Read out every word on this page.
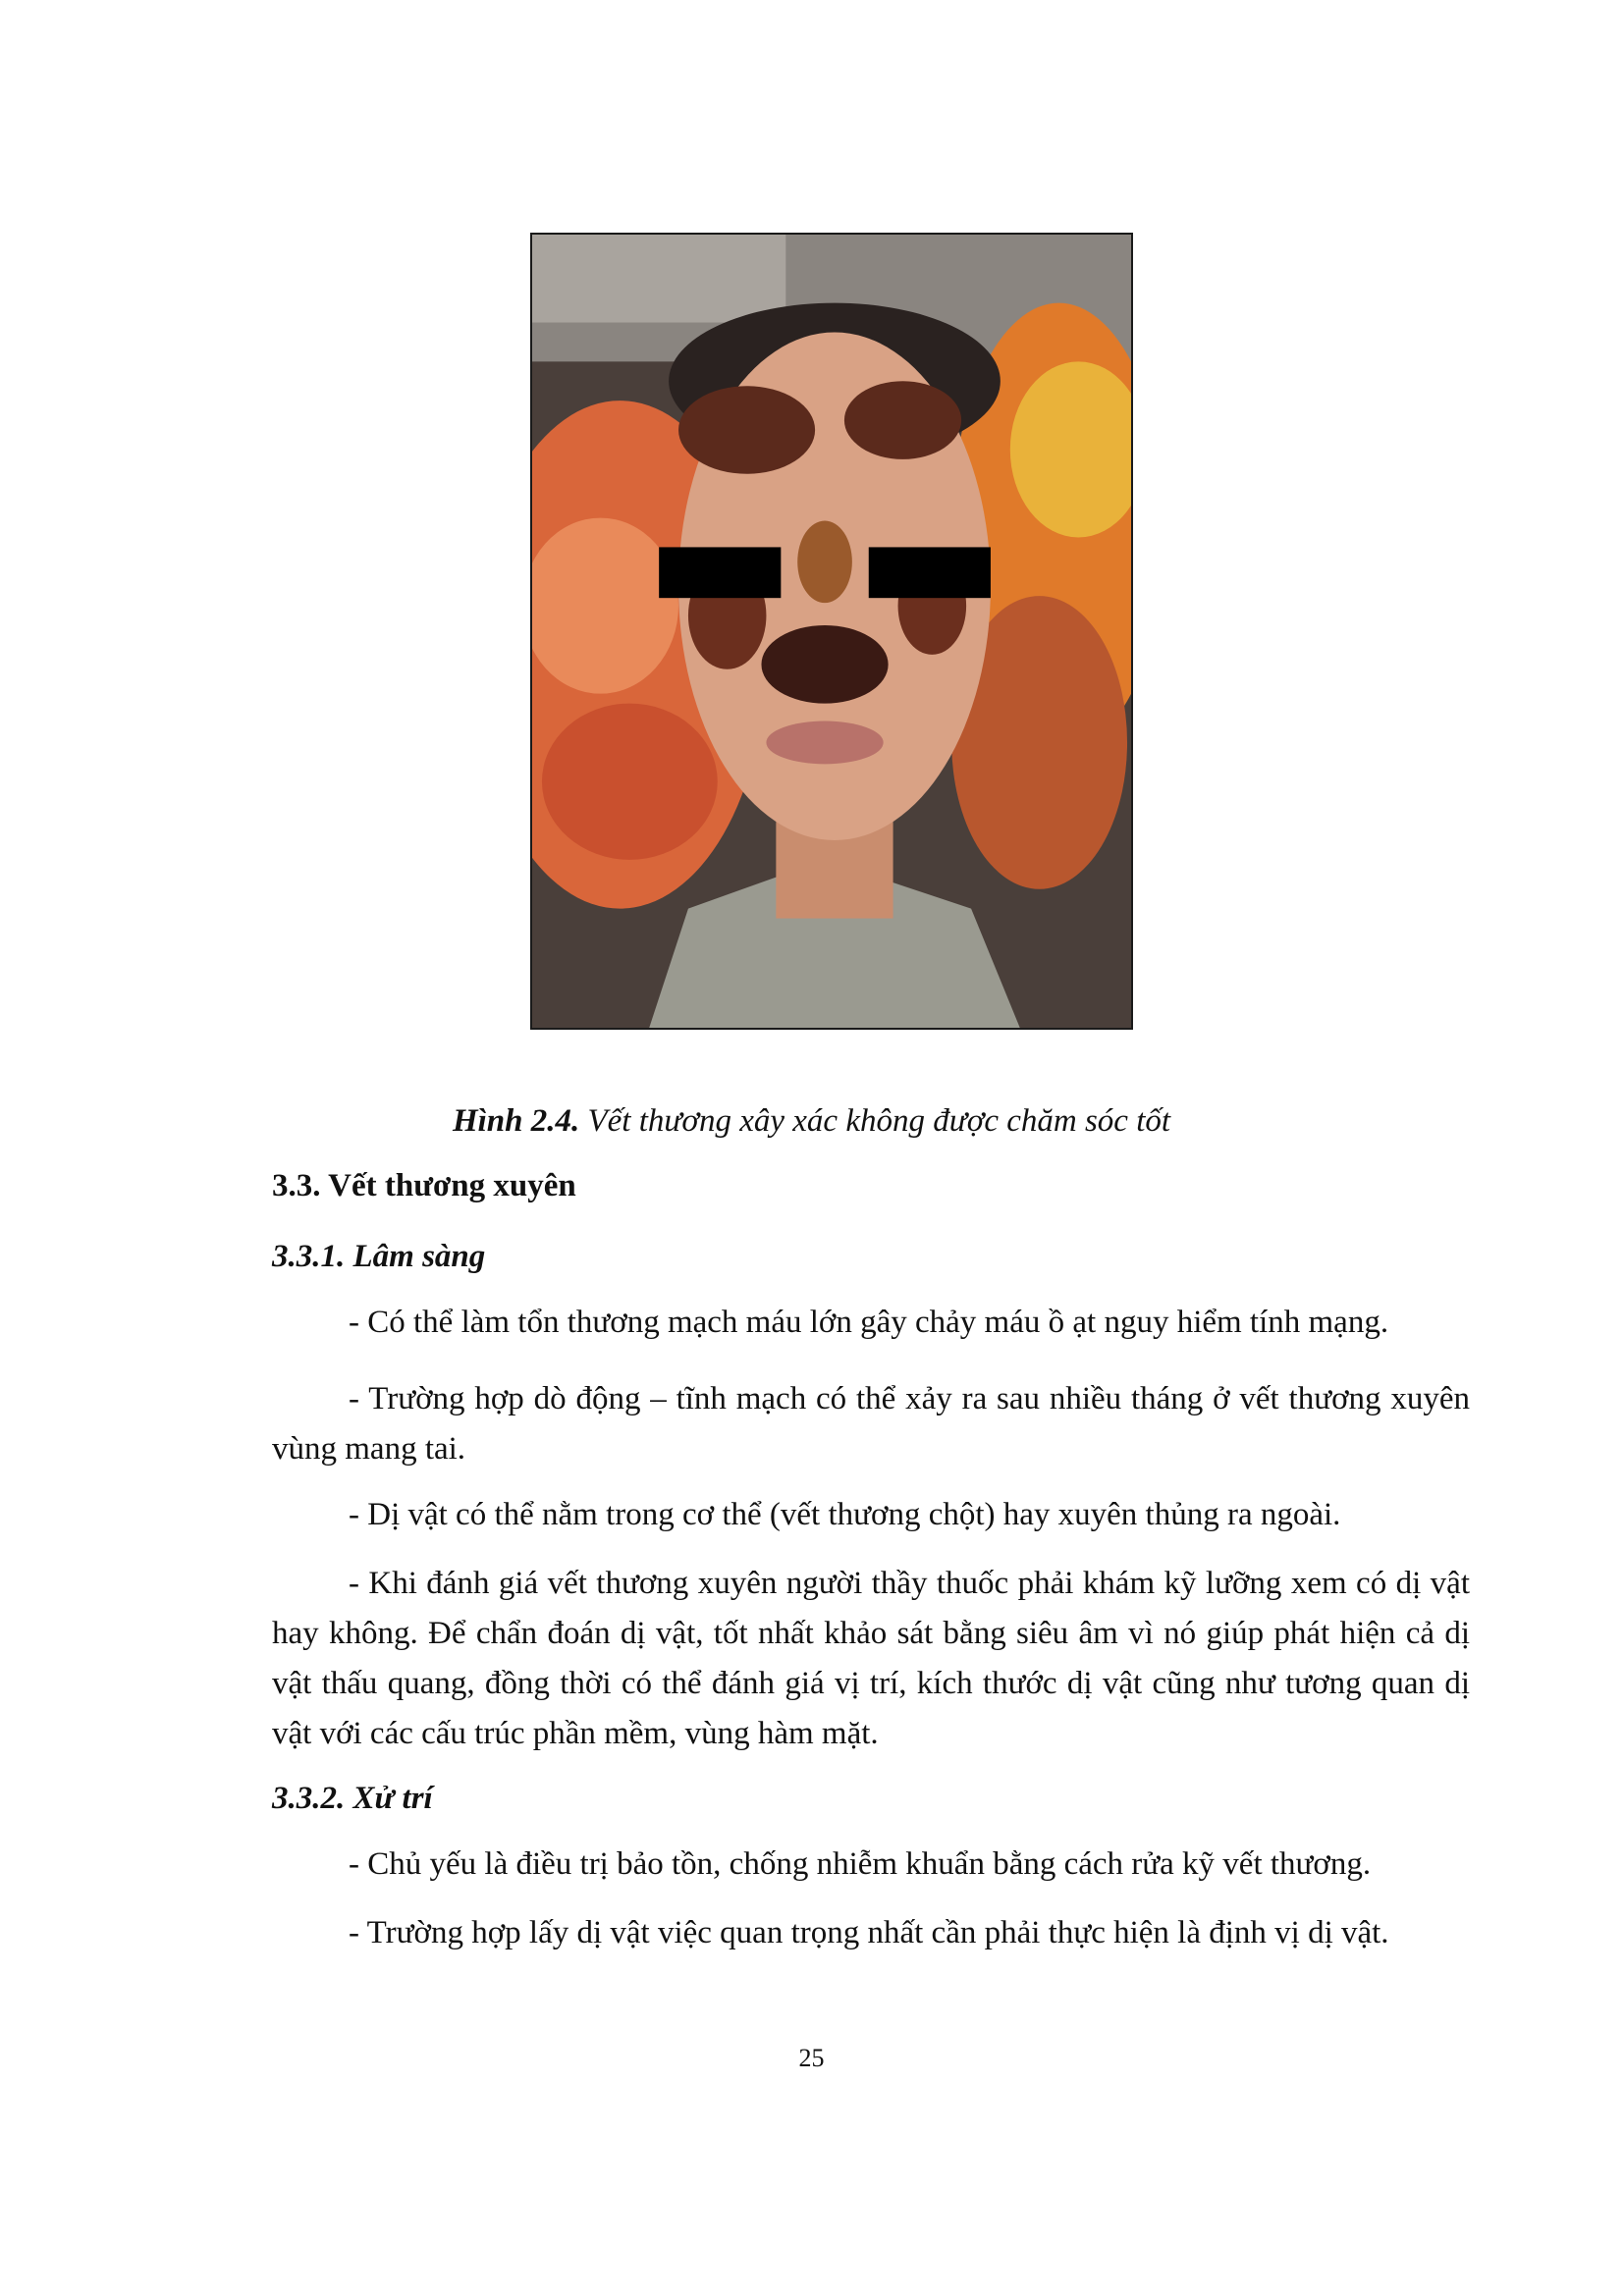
Hình 2.4. Vết thương xây xác không được chăm sóc tốt
3.3. Vết thương xuyên
3.3.1. Lâm sàng
- Có thể làm tổn thương mạch máu lớn gây chảy máu ồ ạt nguy hiểm tính mạng.
- Trường hợp dò động – tĩnh mạch có thể xảy ra sau nhiều tháng ở vết thương xuyên vùng mang tai.
- Dị vật có thể nằm trong cơ thể (vết thương chột) hay xuyên thủng ra ngoài.
- Khi đánh giá vết thương xuyên người thầy thuốc phải khám kỹ lưỡng xem có dị vật hay không. Để chẩn đoán dị vật, tốt nhất khảo sát bằng siêu âm vì nó giúp phát hiện cả dị vật thấu quang, đồng thời có thể đánh giá vị trí, kích thước dị vật cũng như tương quan dị vật với các cấu trúc phần mềm, vùng hàm mặt.
3.3.2. Xử trí
- Chủ yếu là điều trị bảo tồn, chống nhiễm khuẩn bằng cách rửa kỹ vết thương.
- Trường hợp lấy dị vật việc quan trọng nhất cần phải thực hiện là định vị dị vật.
25
